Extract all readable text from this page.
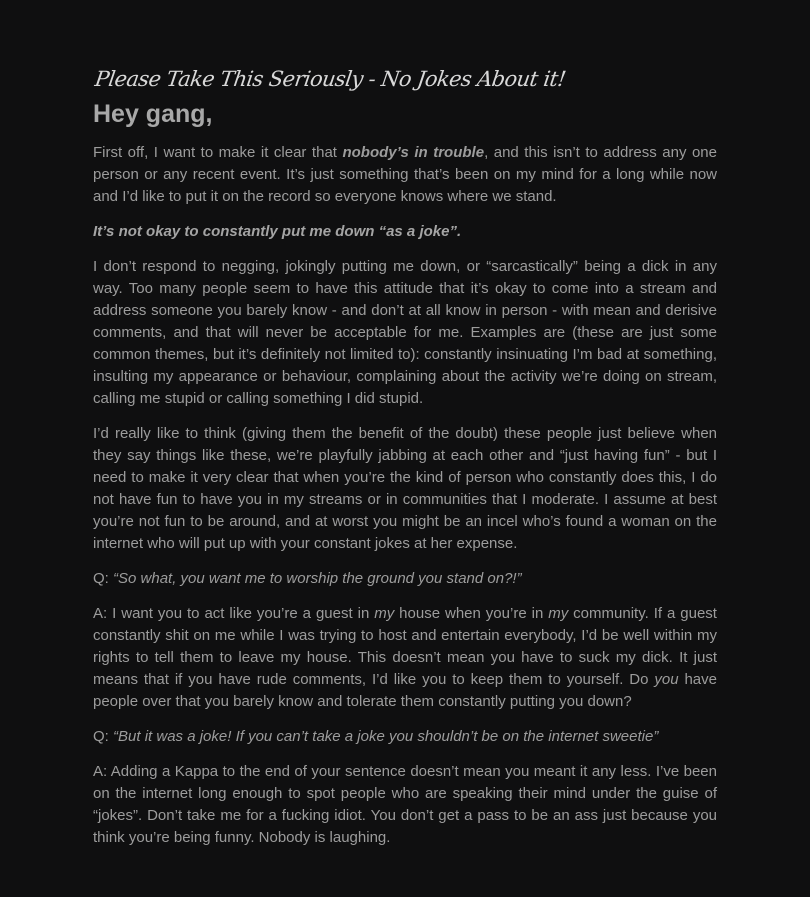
Please Take This Seriously - No Jokes About it!
Hey gang,

First off, I want to make it clear that nobody’s in trouble, and this isn’t to address any one person or any recent event. It’s just something that’s been on my mind for a long while now and I’d like to put it on the record so everyone knows where we stand.

It’s not okay to constantly put me down “as a joke”.

I don’t respond to negging, jokingly putting me down, or “sarcastically” being a dick in any way. Too many people seem to have this attitude that it’s okay to come into a stream and address someone you barely know - and don’t at all know in person - with mean and derisive comments, and that will never be acceptable for me. Examples are (these are just some common themes, but it’s definitely not limited to): constantly insinuating I’m bad at something, insulting my appearance or behaviour, complaining about the activity we’re doing on stream, calling me stupid or calling something I did stupid.

I’d really like to think (giving them the benefit of the doubt) these people just believe when they say things like these, we’re playfully jabbing at each other and “just having fun” - but I need to make it very clear that when you’re the kind of person who constantly does this, I do not have fun to have you in my streams or in communities that I moderate. I assume at best you’re not fun to be around, and at worst you might be an incel who’s found a woman on the internet who will put up with your constant jokes at her expense.

Q: “So what, you want me to worship the ground you stand on?!”

A: I want you to act like you’re a guest in my house when you’re in my community. If a guest constantly shit on me while I was trying to host and entertain everybody, I’d be well within my rights to tell them to leave my house. This doesn’t mean you have to suck my dick. It just means that if you have rude comments, I’d like you to keep them to yourself. Do you have people over that you barely know and tolerate them constantly putting you down?

Q: “But it was a joke! If you can’t take a joke you shouldn’t be on the internet sweetie”

A: Adding a Kappa to the end of your sentence doesn’t mean you meant it any less. I’ve been on the internet long enough to spot people who are speaking their mind under the guise of “jokes”. Don’t take me for a fucking idiot. You don’t get a pass to be an ass just because you think you’re being funny. Nobody is laughing.
